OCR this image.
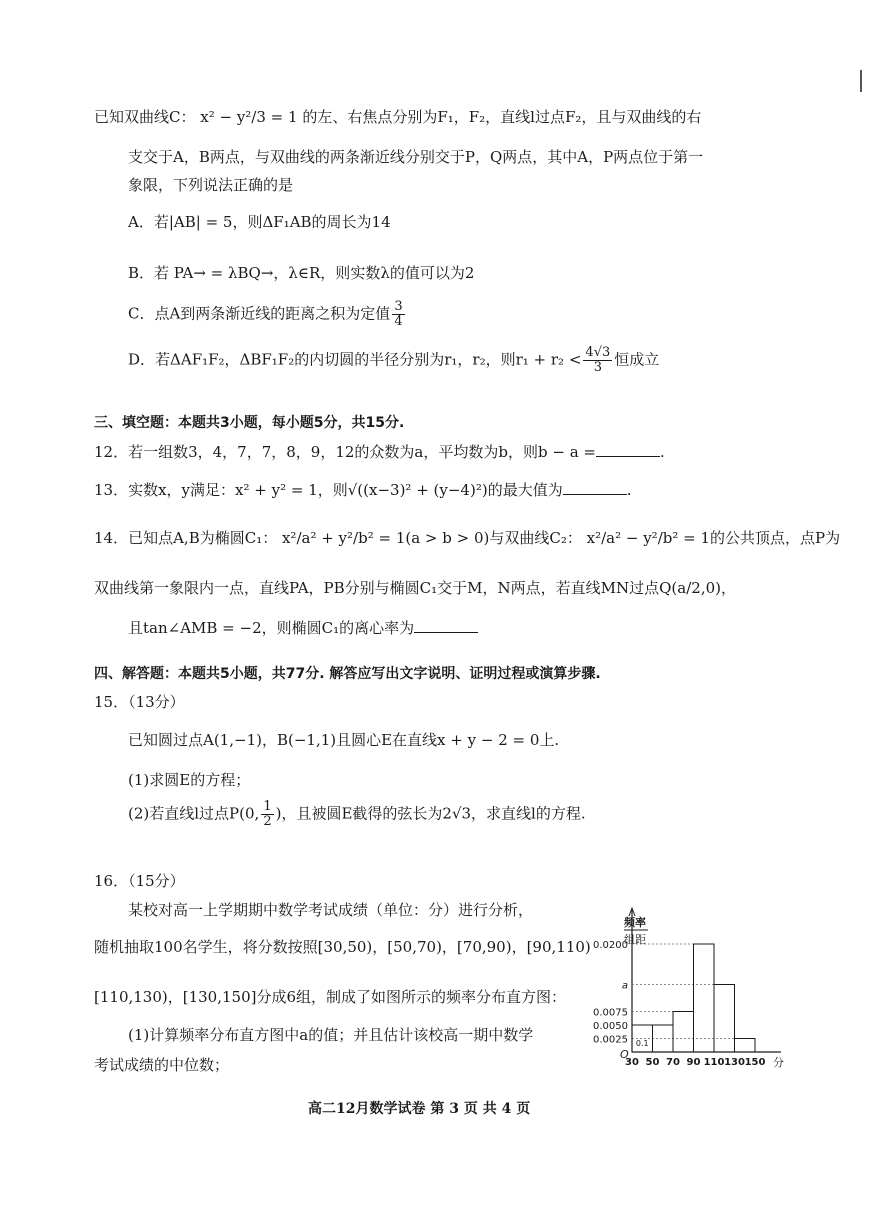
已知双曲线C： x² − y²/3 = 1 的左、右焦点分别为F₁，F₂，直线l过点F₂，且与双曲线的右
支交于A，B两点，与双曲线的两条渐近线分别交于P，Q两点，其中A，P两点位于第一
象限，下列说法正确的是
A．若|AB| = 5，则ΔF₁AB的周长为14
B．若 PA→ = λBQ→，λ∈R，则实数λ的值可以为2
C．点A到两条渐近线的距离之积为定值 $\frac{3}{4}$
D．若ΔAF₁F₂，ΔBF₁F₂的内切圆的半径分别为r₁，r₂，则$r_1 + r_2 < \frac{4√3}{3}$ 恒成立
三、填空题：本题共3小题，每小题5分，共15分.
12．若一组数3，4，7，7，8，9，12的众数为a，平均数为b，则b − a =	.
13．实数x，y满足：x² + y² = 1，则√((x−3)² + (y−4)²)的最大值为	.
14．已知点A,B为椭圆C₁： x²/a² + y²/b² = 1(a > b > 0)与双曲线C₂： x²/a² − y²/b² = 1的公共顶点，点P为
双曲线第一象限内一点，直线PA，PB分别与椭圆C₁交于M，N两点，若直线MN过点Q(a/2,0)，
且tan∠AMB = −2，则椭圆C₁的离心率为
四、解答题：本题共5小题，共77分. 解答应写出文字说明、证明过程或演算步骤.
15．（13分）
已知圆过点A(1,−1)，B(−1,1)且圆心E在直线x + y − 2 = 0上.
(1)求圆E的方程；
(2)若直线l过点P(0, $\frac{1}{2}$ )，且被圆E截得的弦长为2√3，求直线l的方程.
16．（15分）
某校对高一上学期期中数学考试成绩（单位：分）进行分析，
随机抽取100名学生，将分数按照[30,50)，[50,70)，[70,90)，[90,110)
[110,130)，[130,150]分成6组，制成了如图所示的频率分布直方图：
(1)计算频率分布直方图中a的值；并且估计该校高一期中数学
考试成绩的中位数；
频率
组距
0.0200
a
0.0075
0.0050
0.0025 0.1
30 50 70 90 110 130 150
O
分
高二12月数学试卷 第 3 页 共 4 页
